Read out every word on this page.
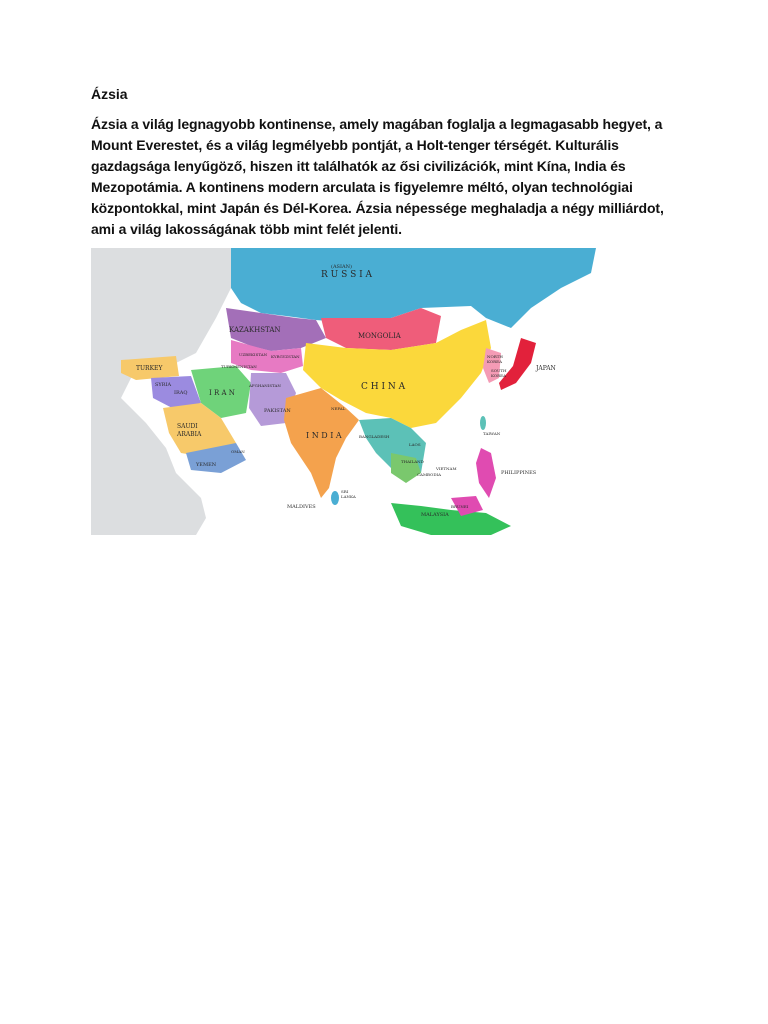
Ázsia

Ázsia a világ legnagyobb kontinense, amely magában foglalja a legmagasabb hegyet, a Mount Everestet, és a világ legmélyebb pontját, a Holt-tenger térségét. Kulturális gazdagsága lenyűgöző, hiszen itt találhatók az ősi civilizációk, mint Kína, India és Mezopotámia. A kontinens modern arculata is figyelemre méltó, olyan technológiai központokkal, mint Japán és Dél-Korea. Ázsia népessége meghaladja a négy milliárdot, ami a világ lakosságának több mint felét jelenti.

(ASIAN)
R U S S I A
KAZAKHSTAN
MONGOLIA
C H I N A
TURKEY
SYRIA
IRAQ	I R A N
AFGHANISTAN
PAKISTAN
SAUDI
ARABIA
YEMEN
OMAN
I N D I A
NEPAL
BANGLADESH
SRI
LANKA
MALDIVES
THAILAND
VIETNAM
LAOS
CAMBODIA
MALAYSIA
BRUNEI
PHILIPPINES
TAIWAN
NORTH
KOREA
SOUTH
KOREA
JAPAN
TURKMENISTAN
UZBEKISTAN KYRGYZSTAN
